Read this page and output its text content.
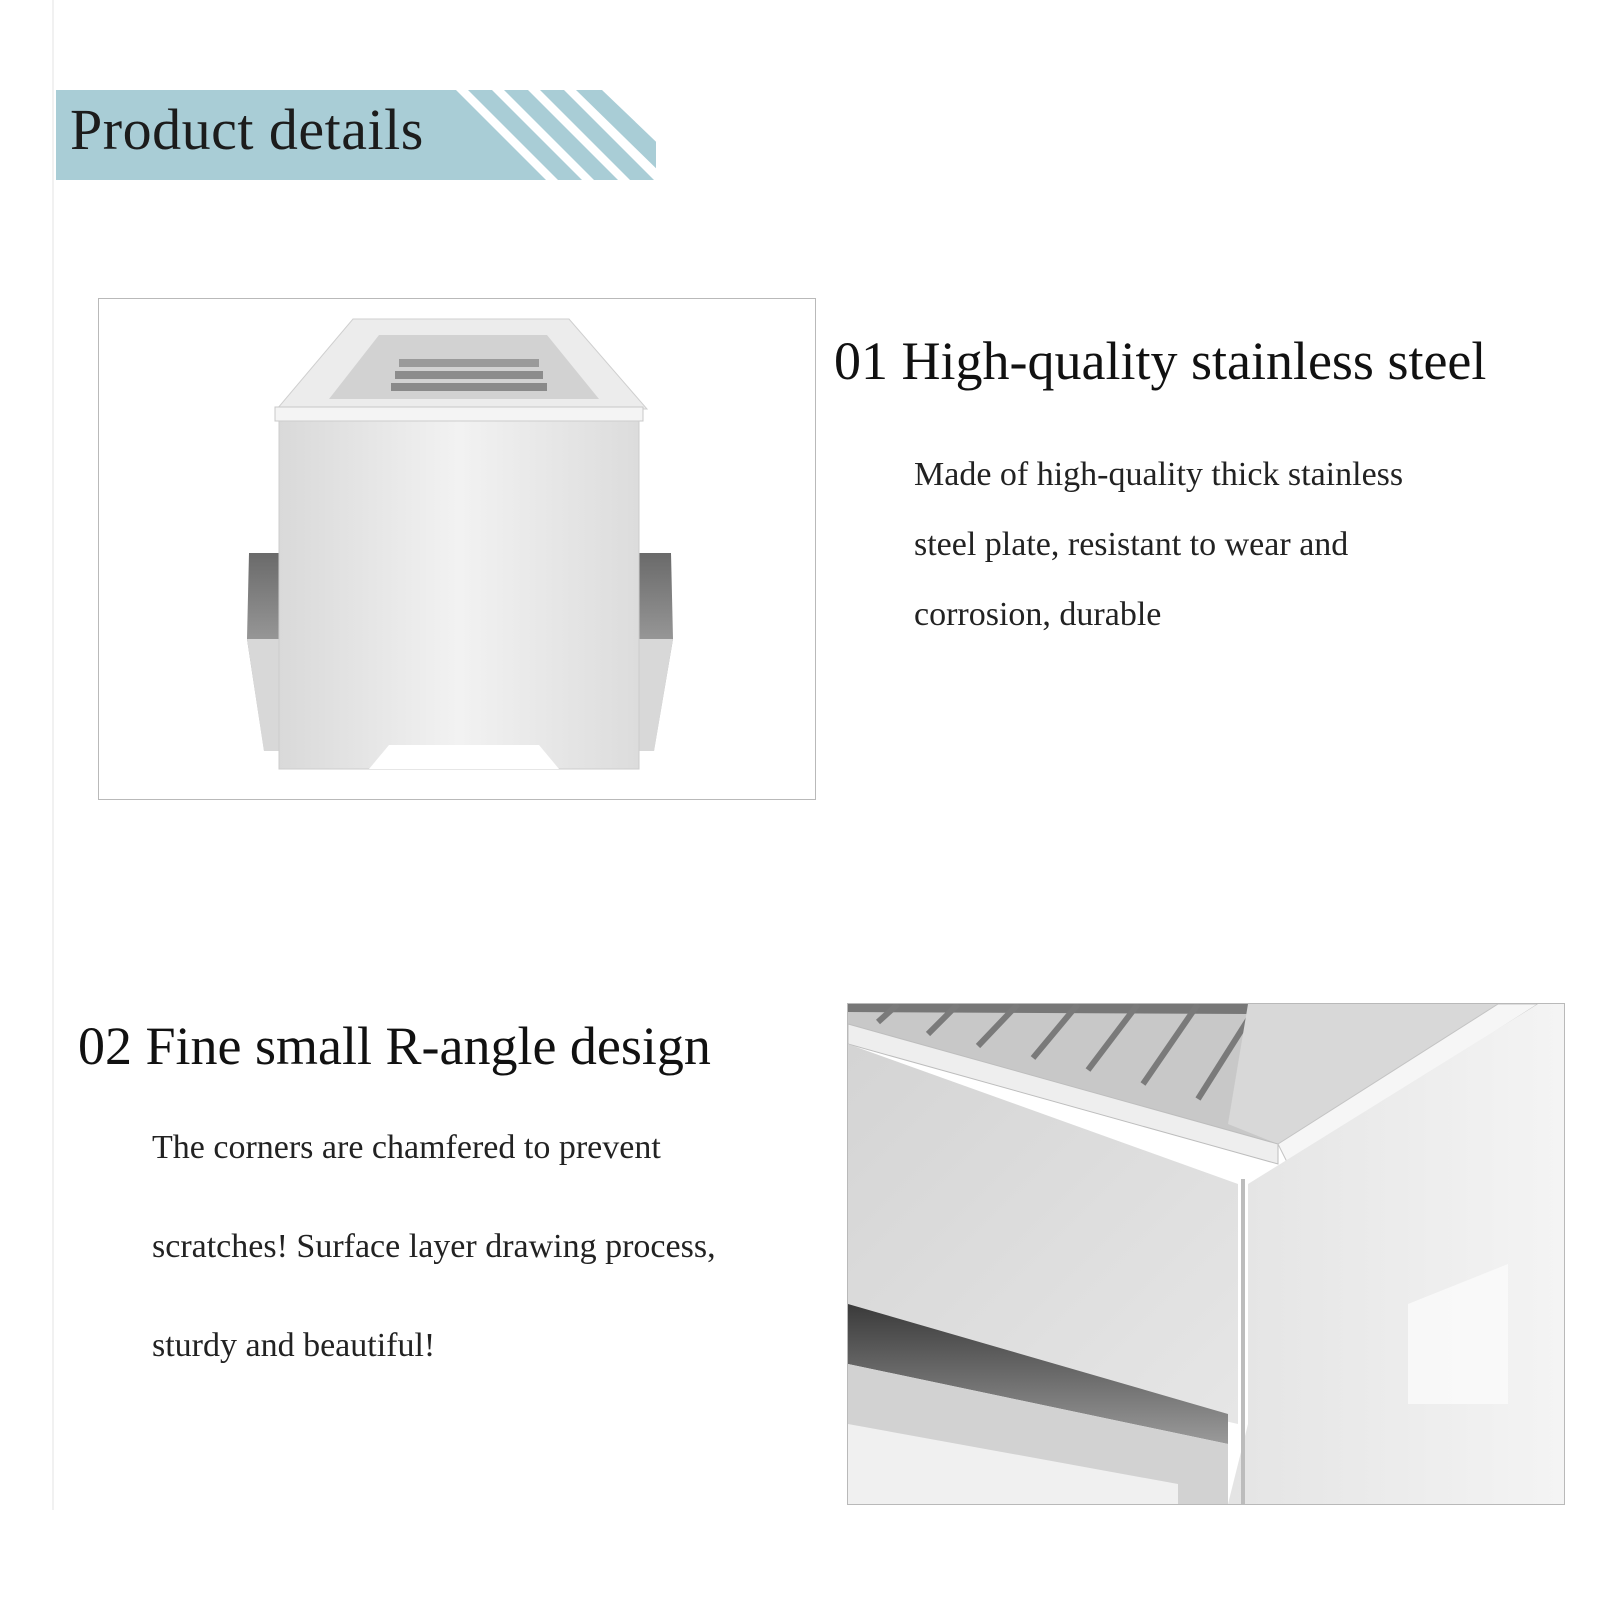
Product details
01 High-quality stainless steel
Made of high-quality thick stainless
steel plate, resistant to wear and
corrosion, durable
02 Fine small R-angle design
The corners are chamfered to prevent
scratches! Surface layer drawing process,
sturdy and beautiful!
